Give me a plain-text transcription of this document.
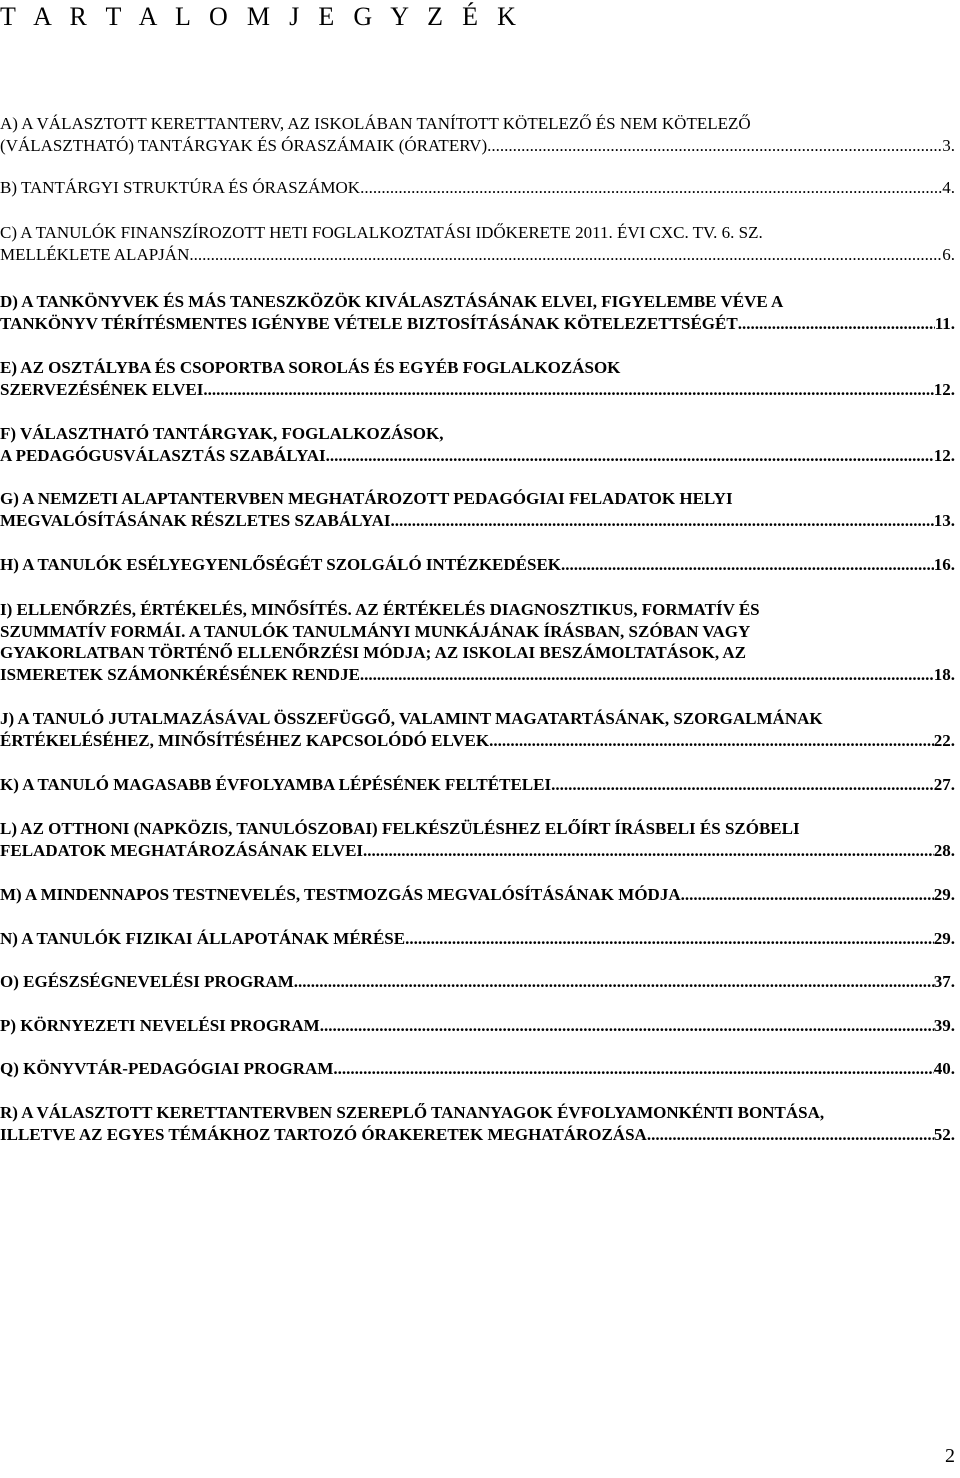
T A R T A L O M J E G Y Z É K
A) A VÁLASZTOTT KERETTANTERV, AZ ISKOLÁBAN TANÍTOTT KÖTELEZŐ ÉS NEM KÖTELEZŐ
(VÁLASZTHATÓ) TANTÁRGYAK ÉS ÓRASZÁMAIK (ÓRATERV) .....	3.
B) TANTÁRGYI STRUKTÚRA ÉS ÓRASZÁMOK .....	4.
C) A TANULÓK FINANSZÍROZOTT HETI FOGLALKOZTATÁSI IDŐKERETE 2011. ÉVI CXC. TV. 6. SZ.
MELLÉKLETE ALAPJÁN .....	6.
D) A TANKÖNYVEK ÉS MÁS TANESZKÖZÖK KIVÁLASZTÁSÁNAK ELVEI, FIGYELEMBE VÉVE A
TANKÖNYV TÉRÍTÉSMENTES IGÉNYBE VÉTELE BIZTOSÍTÁSÁNAK KÖTELEZETTSÉGÉT .....	11.
E) AZ OSZTÁLYBA ÉS CSOPORTBA SOROLÁS ÉS EGYÉB FOGLALKOZÁSOK
SZERVEZÉSÉNEK ELVEI .....	12.
F) VÁLASZTHATÓ TANTÁRGYAK, FOGLALKOZÁSOK,
A PEDAGÓGUSVÁLASZTÁS SZABÁLYAI .....	12.
G) A NEMZETI ALAPTANTERVBEN MEGHATÁROZOTT PEDAGÓGIAI FELADATOK HELYI
MEGVALÓSÍTÁSÁNAK RÉSZLETES SZABÁLYAI .....	13.
H) A TANULÓK ESÉLYEGYENLŐSÉGÉT SZOLGÁLÓ INTÉZKEDÉSEK .....	16.
I) ELLENŐRZÉS, ÉRTÉKELÉS, MINŐSÍTÉS. AZ ÉRTÉKELÉS DIAGNOSZTIKUS, FORMATÍV ÉS
SZUMMATÍV FORMÁI. A TANULÓK TANULMÁNYI MUNKÁJÁNAK ÍRÁSBAN, SZÓBAN VAGY
GYAKORLATBAN TÖRTÉNŐ ELLENŐRZÉSI MÓDJA; AZ ISKOLAI BESZÁMOLTATÁSOK, AZ
ISMERETEK SZÁMONKÉRÉSÉNEK RENDJE .....	18.
J) A TANULÓ JUTALMAZÁSÁVAL ÖSSZEFÜGGŐ, VALAMINT MAGATARTÁSÁNAK, SZORGALMÁNAK
ÉRTÉKELÉSÉHEZ, MINŐSÍTÉSÉHEZ KAPCSOLÓDÓ ELVEK .....	22.
K) A TANULÓ MAGASABB ÉVFOLYAMBA LÉPÉSÉNEK FELTÉTELEI .....	27.
L) AZ OTTHONI (NAPKÖZIS, TANULÓSZOBAI) FELKÉSZÜLÉSHEZ ELŐÍRT ÍRÁSBELI ÉS SZÓBELI
FELADATOK MEGHATÁROZÁSÁNAK ELVEI .....	28.
M) A MINDENNAPOS TESTNEVELÉS, TESTMOZGÁS MEGVALÓSÍTÁSÁNAK MÓDJA .....	29.
N) A TANULÓK FIZIKAI ÁLLAPOTÁNAK MÉRÉSE .....	29.
O) EGÉSZSÉGNEVELÉSI PROGRAM .....	37.
P) KÖRNYEZETI NEVELÉSI PROGRAM .....	39.
Q) KÖNYVTÁR-PEDAGÓGIAI PROGRAM .....	40.
R) A VÁLASZTOTT KERETTANTERVBEN SZEREPLŐ TANANYAGOK ÉVFOLYAMONKÉNTI BONTÁSA,
ILLETVE AZ EGYES TÉMÁKHOZ TARTOZÓ ÓRAKERETEK MEGHATÁROZÁSA .....	52.
2
